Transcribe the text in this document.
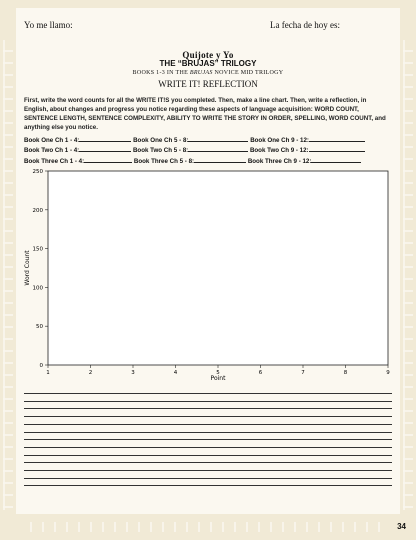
Yo me llamo:	La fecha de hoy es:
Quijote y Yo
THE “BRUJAS” TRILOGY
BOOKS 1-3 IN THE BRUJAS NOVICE MID TRILOGY
WRITE IT! REFLECTION
First, write the word counts for all the WRITE IT!S you completed. Then, make a line chart. Then, write a reflection, in English, about changes and progress you notice regarding these aspects of language acquisition: WORD COUNT, SENTENCE LENGTH, SENTENCE COMPLEXITY, ABILITY TO WRITE THE STORY IN ORDER, SPELLING, WORD COUNT, and anything else you notice.
Book One Ch 1 - 4:	Book One Ch 5 - 8:	Book One Ch 9 - 12:
Book Two Ch 1 - 4:	Book Two Ch 5 - 8:	Book Two Ch 9 - 12:
Book Three Ch 1 - 4:	Book Three Ch 5 - 8:	Book Three Ch 9 - 12:
1	2	3	4	5	6	7	8	9
0
50
100
150
200
250
Point
Word Count
34
